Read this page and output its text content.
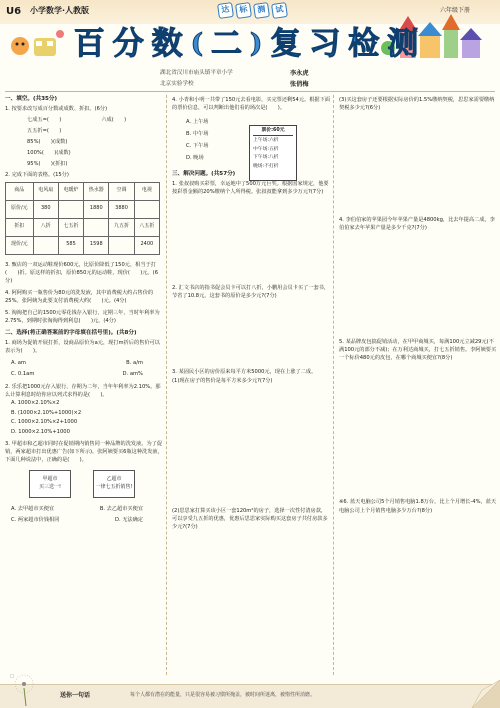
U6 小学数学·人教版	达	标	测	试	六年级下册
百分数 ( 二 ) 复习检测
湖北省汉川市庙头镇平章小学
北京实验学校
李永虎
张俏梅
一、填空。(共35分)

1. 按要求改写成百分数或成数、折扣。(6分)

七成五=(　　)	六成(　　)
五五折=(　　)
85%(　　)(成数)
100%(　　)(成数)
95%(　　)(折扣)

2. 完成下面的表格。(15分)

商品	电风扇	电暖炉	热水器	空调	电视
原价/元	380		1880	3880	
折扣	八折	七五折		九五折	八五折
现价/元		585	1598		2400

3. 甄店的一双运动鞋现价600元，比原价降低了150元，相当于打(　　)折。原这样的折扣，原价850元的运动鞋，现价(　　)元。(6分)

4. 阿阿购买一瓶售价为80元的洗发液，其中消费税大约占售价的25%。张阿姨为此要支付消费税大约(　　)元。(4分)

5. 淘淘把自己的1500元零花钱存入银行，定期三年，当时年利率为2.75%，到期时张淘淘得到利息(　　)元。(4分)

二、选择(将正确答案前的字母填在括号里)。(共8分)

1. 商场为促销开展打折，设商品原价为a元，现打m折后的售价可以表示为(　　)。

A. am	B. a/m
C. 0.1am	D. am%

2. 乐乐把1000元存入银行，存期为二年，当年年利率为2.10%。那么计算利息时给你应以列式求得的是(　　)。

A. 1000×2.10%×2
B. (1000×2.10%+1000)×2
C. 1000×2.10%×2+1000
D. 1000×2.10%+1000

3. 甲超市和乙超市同时在促销期内销售同一种品牌的洗发液。为了促销，两家超市打出优惠广告(如下所示)。张阿姨要买6瓶这种洗发液，下面几种说法中，正确的是(　　)。

甲超市
买三送一!
乙超市
一律七五折销售!
A. 去甲超市买便宜	B. 去乙超市买便宜
C. 两家超市价钱相同	D. 无法确定

4. 小青和小明一共带了150元去看电影，买完票还剩54元。根据下面的票价信息，可以判断出他们看的场次是(　　)。

A. 上午场
B. 中午场
C. 下午场
D. 晚场
三、解决问题。(共57分)

1. 张叔叔购买彩票，幸运地中了500万元巨奖。根据国家规定，他要按彩票金额的20%缴纳个人所得税。张叔叔能拿到多少万元?(7分)

2. 汇文书店的指书促会员卡可以打八折，小鹏用会员卡买了一套书，节省了10.8元，这套书的原价是多少元?(7分)

3. 某固民小区的房价原来每平方米5000元，现在上涨了二成。

(1)现在房子的售价是每平方米多少元?(7分)

(2)思思家打算买该小区一套120m²的房子，选择一次性付清房款，可以享受九五折的优惠，优惠后思思家实际购买这套房子共付房款多少元?(7分)

票价:60元
上午场:六折
中午场:五折
下午场:八折
晚场:不打折

(3)买这套房子还要根据实际房价的1.5%缴纳契税，思思家需要缴纳契税多少元?(6分)

4. 李伯伯家的苹果园今年苹果产量是4800kg，比去年提高二成，李伯伯家去年苹果产量是多少千克?(7分)

5. 某品牌皮包搞促销活动，在甲甲商城买，每满100元立减29元(不满100元的部分不减)；在万利达商城买，打七五折销售。李阿姨要买一个标价480元的皮包，在哪个商城买便宜?(8分)

※6. 蓝天电脑公司5个月销售电脑1.8万台，比上个月增长-4%，蓝天电脑公司上个月销售电脑多少万台?(8分)

送你一句话	每个人都有潜在的能量，只是很容易被习惯所掩盖，被时间所迷离，被惰性所消磨。
